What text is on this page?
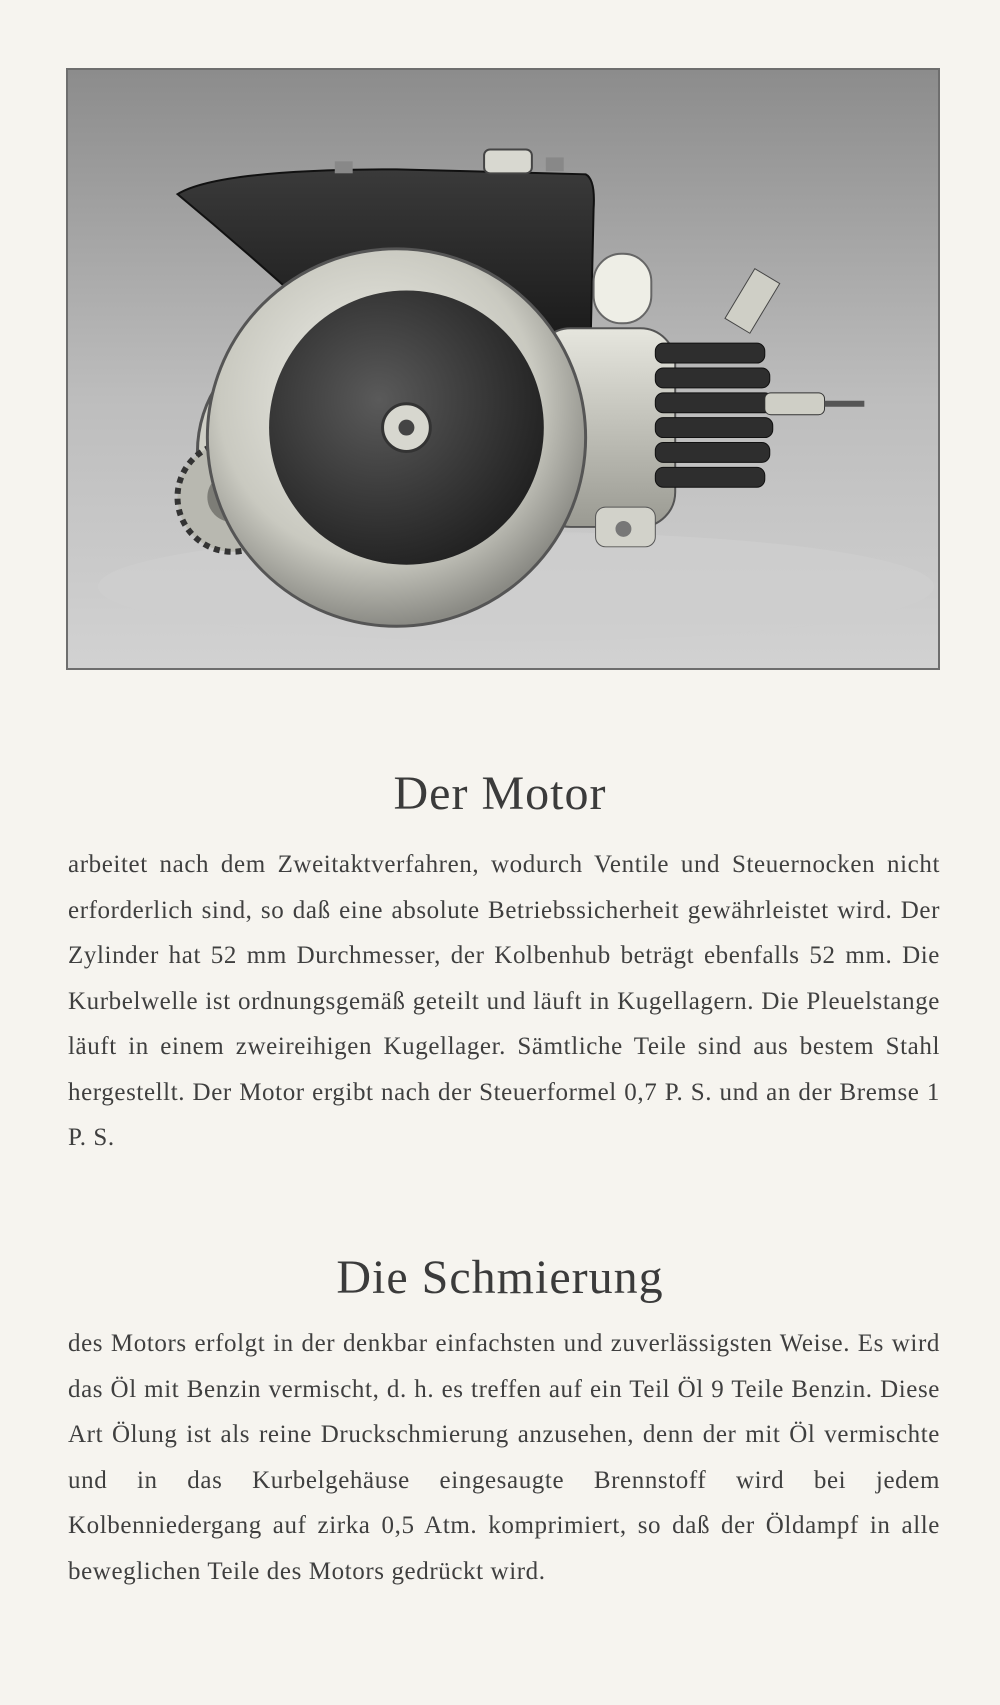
Der Motor

arbeitet nach dem Zweitaktverfahren, wodurch Ventile und Steuernocken nicht erforderlich sind, so daß eine absolute Betriebssicherheit gewährleistet wird. Der Zylinder hat 52 mm Durchmesser, der Kolbenhub beträgt ebenfalls 52 mm. Die Kurbelwelle ist ordnungsgemäß geteilt und läuft in Kugellagern. Die Pleuelstange läuft in einem zweireihigen Kugellager. Sämtliche Teile sind aus bestem Stahl hergestellt. Der Motor ergibt nach der Steuerformel 0,7 P. S. und an der Bremse 1 P. S.

Die Schmierung

des Motors erfolgt in der denkbar einfachsten und zuverlässigsten Weise. Es wird das Öl mit Benzin vermischt, d. h. es treffen auf ein Teil Öl 9 Teile Benzin. Diese Art Ölung ist als reine Druckschmierung anzusehen, denn der mit Öl vermischte und in das Kurbelgehäuse eingesaugte Brennstoff wird bei jedem Kolbenniedergang auf zirka 0,5 Atm. komprimiert, so daß der Öldampf in alle beweglichen Teile des Motors gedrückt wird.
